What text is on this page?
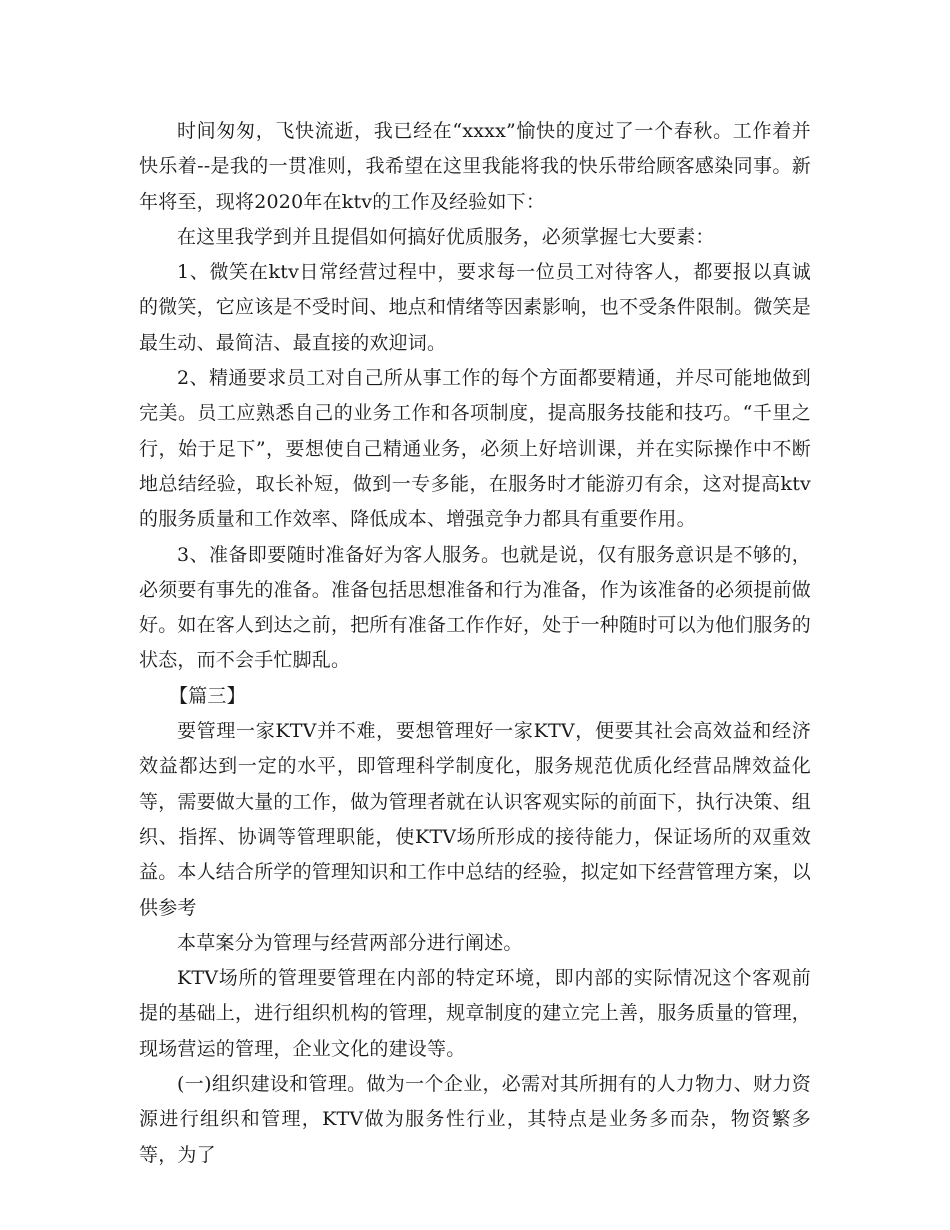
时间匆匆，飞快流逝，我已经在“xxxx”愉快的度过了一个春秋。工作着并快乐着--是我的一贯准则，我希望在这里我能将我的快乐带给顾客感染同事。新年将至，现将2020年在ktv的工作及经验如下：

在这里我学到并且提倡如何搞好优质服务，必须掌握七大要素：

1、微笑在ktv日常经营过程中，要求每一位员工对待客人，都要报以真诚的微笑，它应该是不受时间、地点和情绪等因素影响，也不受条件限制。微笑是最生动、最简洁、最直接的欢迎词。

2、精通要求员工对自己所从事工作的每个方面都要精通，并尽可能地做到完美。员工应熟悉自己的业务工作和各项制度，提高服务技能和技巧。“千里之行，始于足下”，要想使自己精通业务，必须上好培训课，并在实际操作中不断地总结经验，取长补短，做到一专多能，在服务时才能游刃有余，这对提高ktv的服务质量和工作效率、降低成本、增强竞争力都具有重要作用。

3、准备即要随时准备好为客人服务。也就是说，仅有服务意识是不够的，必须要有事先的准备。准备包括思想准备和行为准备，作为该准备的必须提前做好。如在客人到达之前，把所有准备工作作好，处于一种随时可以为他们服务的状态，而不会手忙脚乱。

【篇三】

要管理一家KTV并不难，要想管理好一家KTV，便要其社会高效益和经济效益都达到一定的水平，即管理科学制度化，服务规范优质化经营品牌效益化等，需要做大量的工作，做为管理者就在认识客观实际的前面下，执行决策、组织、指挥、协调等管理职能，使KTV场所形成的接待能力，保证场所的双重效益。本人结合所学的管理知识和工作中总结的经验，拟定如下经营管理方案，以供参考

本草案分为管理与经营两部分进行阐述。

KTV场所的管理要管理在内部的特定环境，即内部的实际情况这个客观前提的基础上，进行组织机构的管理，规章制度的建立完上善，服务质量的管理，现场营运的管理，企业文化的建设等。

(一)组织建设和管理。做为一个企业，必需对其所拥有的人力物力、财力资源进行组织和管理，KTV做为服务性行业，其特点是业务多而杂，物资繁多等，为了
